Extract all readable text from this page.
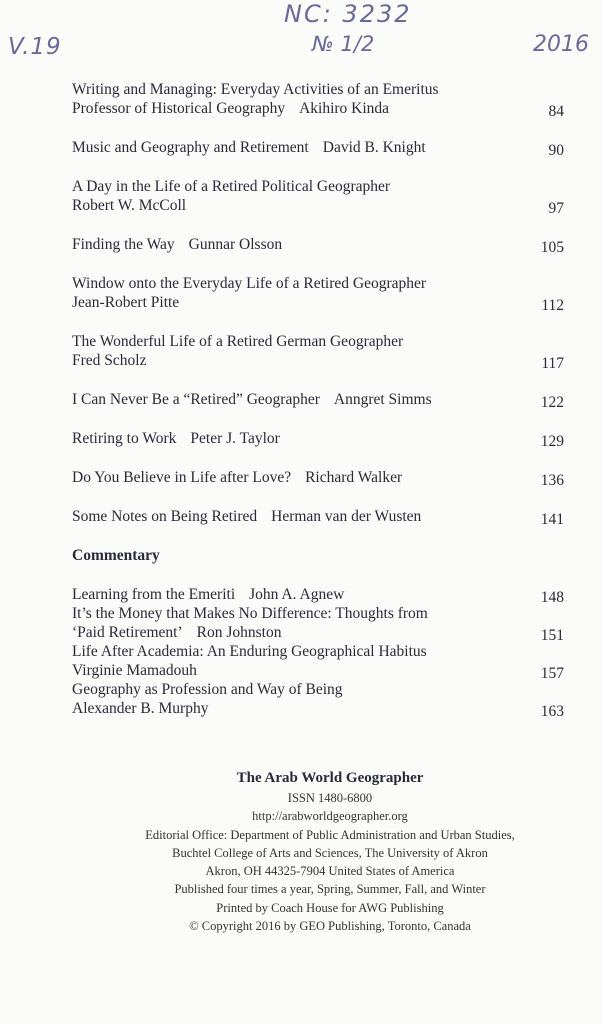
V.19
NC: 3232
№ 1/2	2016
Writing and Managing: Everyday Activities of an Emeritus
Professor of Historical Geography Akihiro Kinda	84
Music and Geography and Retirement David B. Knight	90
A Day in the Life of a Retired Political Geographer
Robert W. McColl	97
Finding the Way Gunnar Olsson	105
Window onto the Everyday Life of a Retired Geographer
Jean-Robert Pitte	112
The Wonderful Life of a Retired German Geographer
Fred Scholz	117
I Can Never Be a “Retired” Geographer Anngret Simms	122
Retiring to Work Peter J. Taylor	129
Do You Believe in Life after Love? Richard Walker	136
Some Notes on Being Retired Herman van der Wusten	141
Commentary
Learning from the Emeriti John A. Agnew	148
It’s the Money that Makes No Difference: Thoughts from
‘Paid Retirement’ Ron Johnston	151
Life After Academia: An Enduring Geographical Habitus
Virginie Mamadouh	157
Geography as Profession and Way of Being
Alexander B. Murphy	163
The Arab World Geographer
ISSN 1480-6800
http://arabworldgeographer.org
Editorial Office: Department of Public Administration and Urban Studies,
Buchtel College of Arts and Sciences, The University of Akron
Akron, OH 44325-7904 United States of America
Published four times a year, Spring, Summer, Fall, and Winter
Printed by Coach House for AWG Publishing
© Copyright 2016 by GEO Publishing, Toronto, Canada
